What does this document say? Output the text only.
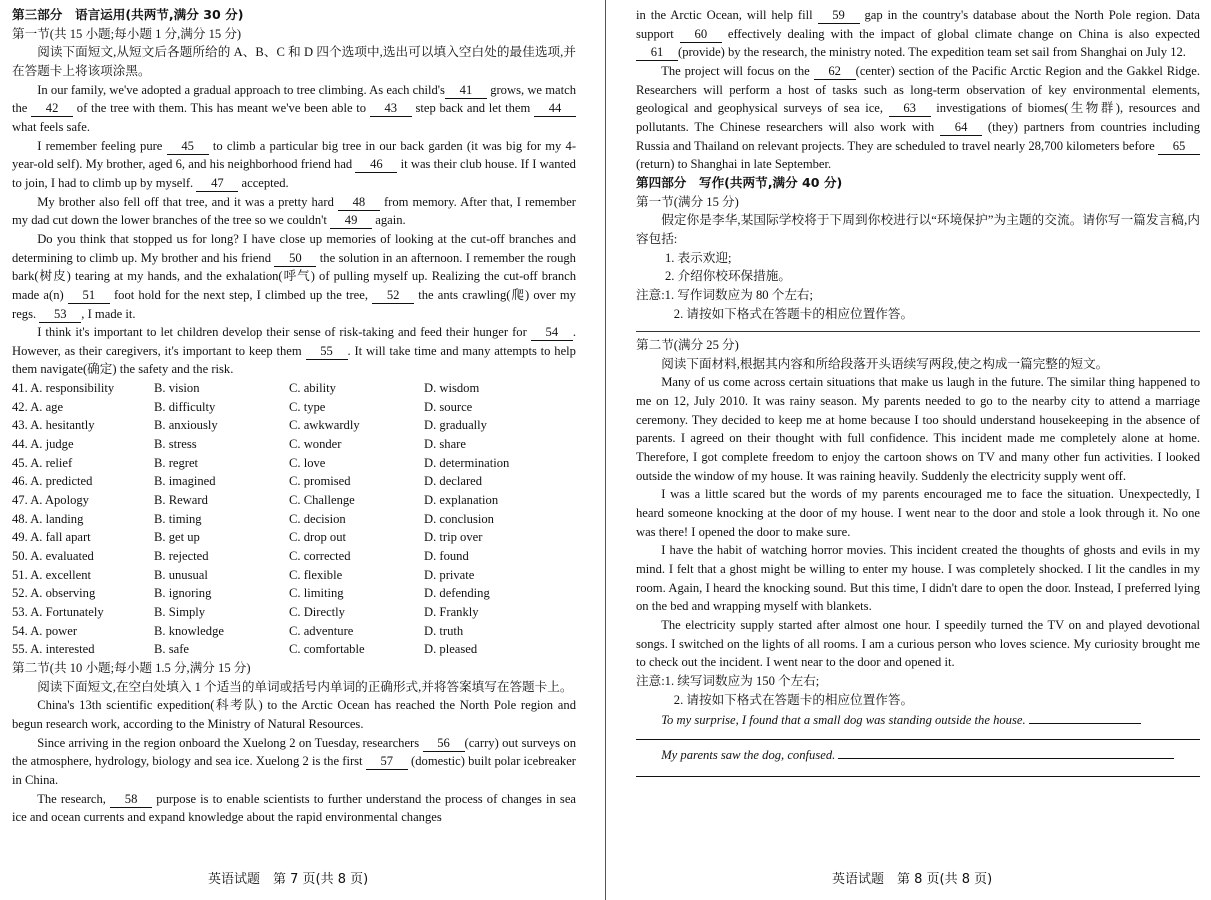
第三部分　语言运用(共两节,满分 30 分)

第一节(共 15 小题;每小题 1 分,满分 15 分)

阅读下面短文,从短文后各题所给的 A、B、C 和 D 四个选项中,选出可以填入空白处的最佳选项,并在答题卡上将该项涂黑。

In our family, we've adopted a gradual approach to tree climbing. As each child's 41 grows, we match the 42 of the tree with them. This has meant we've been able to 43 step back and let them 44 what feels safe.

I remember feeling pure 45 to climb a particular big tree in our back garden (it was big for my 4-year-old self). My brother, aged 6, and his neighborhood friend had 46 it was their club house. If I wanted to join, I had to climb up by myself. 47 accepted.

My brother also fell off that tree, and it was a pretty hard 48 from memory. After that, I remember my dad cut down the lower branches of the tree so we couldn't 49 again.

Do you think that stopped us for long? I have close up memories of looking at the cut-off branches and determining to climb up. My brother and his friend 50 the solution in an afternoon. I remember the rough bark(树皮) tearing at my hands, and the exhalation(呼气) of pulling myself up. Realizing the cut-off branch made a(n) 51 foot hold for the next step, I climbed up the tree, 52 the ants crawling(爬) over my regs. 53 , I made it.

I think it's important to let children develop their sense of risk-taking and feed their hunger for 54 . However, as their caregivers, it's important to keep them 55 . It will take time and many attempts to help them navigate(确定) the safety and the risk.

41. A. responsibility	B. vision	C. ability	D. wisdom
42. A. age	B. difficulty	C. type	D. source
43. A. hesitantly	B. anxiously	C. awkwardly	D. gradually
44. A. judge	B. stress	C. wonder	D. share
45. A. relief	B. regret	C. love	D. determination
46. A. predicted	B. imagined	C. promised	D. declared
47. A. Apology	B. Reward	C. Challenge	D. explanation
48. A. landing	B. timing	C. decision	D. conclusion
49. A. fall apart	B. get up	C. drop out	D. trip over
50. A. evaluated	B. rejected	C. corrected	D. found
51. A. excellent	B. unusual	C. flexible	D. private
52. A. observing	B. ignoring	C. limiting	D. defending
53. A. Fortunately	B. Simply	C. Directly	D. Frankly
54. A. power	B. knowledge	C. adventure	D. truth
55. A. interested	B. safe	C. comfortable	D. pleased

第二节(共 10 小题;每小题 1.5 分,满分 15 分)

阅读下面短文,在空白处填入 1 个适当的单词或括号内单词的正确形式,并将答案填写在答题卡上。

China's 13th scientific expedition(科考队) to the Arctic Ocean has reached the North Pole region and begun research work, according to the Ministry of Natural Resources.

Since arriving in the region onboard the Xuelong 2 on Tuesday, researchers 56 (carry) out surveys on the atmosphere, hydrology, biology and sea ice. Xuelong 2 is the first 57 (domestic) built polar icebreaker in China.

The research, 58 purpose is to enable scientists to further understand the process of changes in sea ice and ocean currents and expand knowledge about the rapid environmental changes

英语试题　第 7 页(共 8 页)

in the Arctic Ocean, will help fill 59 gap in the country's database about the North Pole region. Data support 60 effectively dealing with the impact of global climate change on China is also expected 61 (provide) by the research, the ministry noted. The expedition team set sail from Shanghai on July 12.

The project will focus on the 62 (center) section of the Pacific Arctic Region and the Gakkel Ridge. Researchers will perform a host of tasks such as long-term observation of key environmental elements, geological and geophysical surveys of sea ice, 63 investigations of biomes(生物群), resources and pollutants. The Chinese researchers will also work with 64 (they) partners from countries including Russia and Thailand on relevant projects. They are scheduled to travel nearly 28,700 kilometers before 65 (return) to Shanghai in late September.

第四部分　写作(共两节,满分 40 分)

第一节(满分 15 分)

假定你是李华,某国际学校将于下周到你校进行以“环境保护”为主题的交流。请你写一篇发言稿,内容包括:

1. 表示欢迎;

2. 介绍你校环保措施。

注意:1. 写作词数应为 80 个左右;

2. 请按如下格式在答题卡的相应位置作答。

第二节(满分 25 分)

阅读下面材料,根据其内容和所给段落开头语续写两段,使之构成一篇完整的短文。

Many of us come across certain situations that make us laugh in the future. The similar thing happened to me on 12, July 2010. It was rainy season. My parents needed to go to the nearby city to attend a marriage ceremony. They decided to keep me at home because I too should understand housekeeping in the absence of parents. I agreed on their thought with full confidence. This incident made me completely alone at home. Therefore, I got complete freedom to enjoy the cartoon shows on TV and many other fun activities. I looked outside the window of my house. It was raining heavily. Suddenly the electricity supply went off.

I was a little scared but the words of my parents encouraged me to face the situation. Unexpectedly, I heard someone knocking at the door of my house. I went near to the door and stole a look through it. No one was there! I opened the door to make sure.

I have the habit of watching horror movies. This incident created the thoughts of ghosts and evils in my mind. I felt that a ghost might be willing to enter my house. I was completely shocked. I lit the candles in my room. Again, I heard the knocking sound. But this time, I didn't dare to open the door. Instead, I preferred lying on the bed and wrapping myself with blankets.

The electricity supply started after almost one hour. I speedily turned the TV on and played devotional songs. I switched on the lights of all rooms. I am a curious person who loves science. My curiosity brought me to check out the incident. I went near to the door and opened it.

注意:1. 续写词数应为 150 个左右;

2. 请按如下格式在答题卡的相应位置作答。

To my surprise, I found that a small dog was standing outside the house.

My parents saw the dog, confused.

英语试题　第 8 页(共 8 页)
